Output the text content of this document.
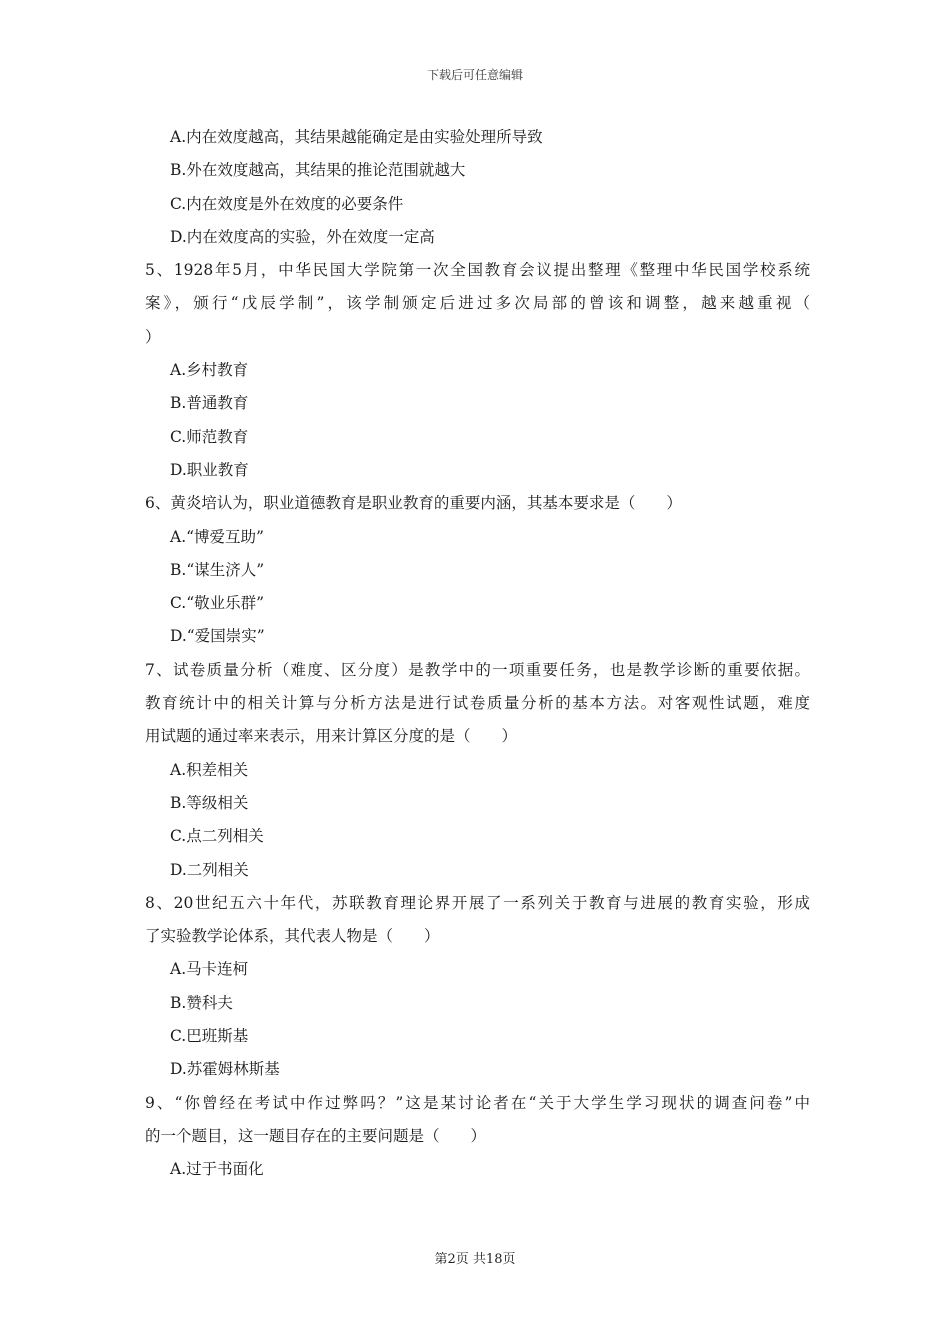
下载后可任意编辑
A.内在效度越高，其结果越能确定是由实验处理所导致
B.外在效度越高，其结果的推论范围就越大
C.内在效度是外在效度的必要条件
D.内在效度高的实验，外在效度一定高
5、1928年5月，中华民国大学院第一次全国教育会议提出整理《整理中华民国学校系统
案》，颁行“戊辰学制”，该学制颁定后进过多次局部的曾该和调整，越来越重视（
）
A.乡村教育
B.普通教育
C.师范教育
D.职业教育
6、黄炎培认为，职业道德教育是职业教育的重要内涵，其基本要求是（　　）
A.“博爱互助”
B.“谋生济人”
C.“敬业乐群”
D.“爱国崇实”
7、试卷质量分析（难度、区分度）是教学中的一项重要任务，也是教学诊断的重要依据。
教育统计中的相关计算与分析方法是进行试卷质量分析的基本方法。对客观性试题，难度
用试题的通过率来表示，用来计算区分度的是（　　）
A.积差相关
B.等级相关
C.点二列相关
D.二列相关
8、20世纪五六十年代，苏联教育理论界开展了一系列关于教育与进展的教育实验，形成
了实验教学论体系，其代表人物是（　　）
A.马卡连柯
B.赞科夫
C.巴班斯基
D.苏霍姆林斯基
9、“你曾经在考试中作过弊吗？”这是某讨论者在“关于大学生学习现状的调查问卷”中
的一个题目，这一题目存在的主要问题是（　　）
A.过于书面化
第2页 共18页
